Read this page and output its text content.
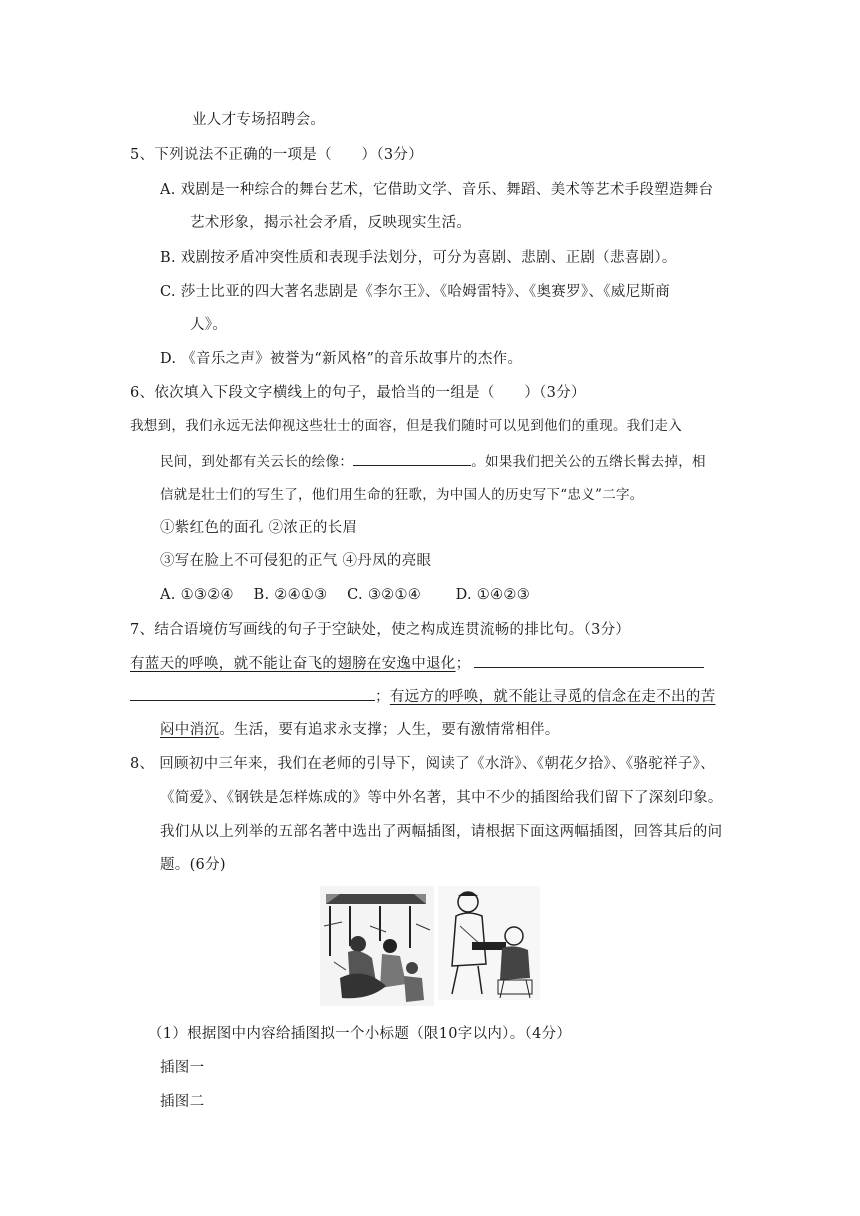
业人才专场招聘会。
5、下列说法不正确的一项是（　　）（3分）
A. 戏剧是一种综合的舞台艺术，它借助文学、音乐、舞蹈、美术等艺术手段塑造舞台
艺术形象，揭示社会矛盾，反映现实生活。
B. 戏剧按矛盾冲突性质和表现手法划分，可分为喜剧、悲剧、正剧（悲喜剧）。
C. 莎士比亚的四大著名悲剧是《李尔王》、《哈姆雷特》、《奥赛罗》、《威尼斯商
人》。
D. 《音乐之声》被誉为“新风格”的音乐故事片的杰作。
6、依次填入下段文字横线上的句子，最恰当的一组是（　　）（3分）
我想到，我们永远无法仰视这些壮士的面容，但是我们随时可以见到他们的重现。我们走入
民间，到处都有关云长的绘像：	。如果我们把关公的五绺长髯去掉，相
信就是壮士们的写生了，他们用生命的狂歌，为中国人的历史写下“忠义”二字。
①紫红色的面孔 ②浓正的长眉
③写在脸上不可侵犯的正气 ④丹凤的亮眼
A. ①③②④　 B. ②④①③　 C. ③②①④　　 D. ①④②③
7、结合语境仿写画线的句子于空缺处，使之构成连贯流畅的排比句。（3分）
有蓝天的呼唤，就不能让奋飞的翅膀在安逸中退化；
；有远方的呼唤，就不能让寻觅的信念在走不出的苦
闷中消沉。生活，要有追求永支撑；人生，要有激情常相伴。
8、 回顾初中三年来，我们在老师的引导下，阅读了《水浒》、《朝花夕拾》、《骆驼祥子》、
《简爱》、《钢铁是怎样炼成的》等中外名著，其中不少的插图给我们留下了深刻印象。
我们从以上列举的五部名著中选出了两幅插图，请根据下面这两幅插图，回答其后的问
题。(6分)
（1）根据图中内容给插图拟一个小标题（限10字以内）。（4分）
插图一
插图二
